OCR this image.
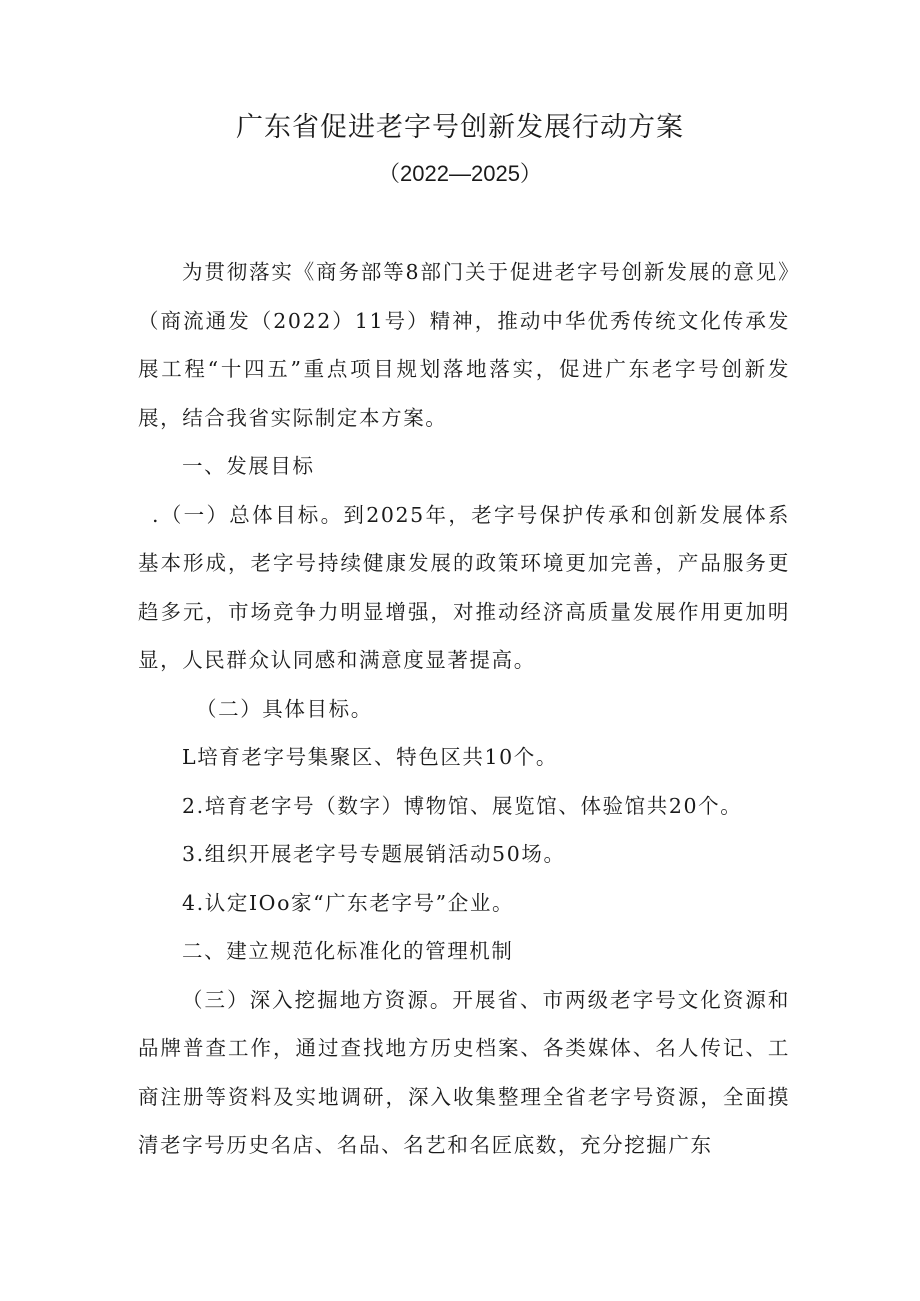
广东省促进老字号创新发展行动方案
（2022—2025）

为贯彻落实《商务部等8部门关于促进老字号创新发展的意见》（商流通发（2022）11号）精神，推动中华优秀传统文化传承发展工程“十四五”重点项目规划落地落实，促进广东老字号创新发展，结合我省实际制定本方案。

一、发展目标

.（一）总体目标。到2025年，老字号保护传承和创新发展体系基本形成，老字号持续健康发展的政策环境更加完善，产品服务更趋多元，市场竞争力明显增强，对推动经济高质量发展作用更加明显，人民群众认同感和满意度显著提高。

（二）具体目标。

L培育老字号集聚区、特色区共10个。

2.培育老字号（数字）博物馆、展览馆、体验馆共20个。

3.组织开展老字号专题展销活动50场。

4.认定IOo家“广东老字号”企业。

二、建立规范化标准化的管理机制

（三）深入挖掘地方资源。开展省、市两级老字号文化资源和品牌普查工作，通过查找地方历史档案、各类媒体、名人传记、工商注册等资料及实地调研，深入收集整理全省老字号资源，全面摸清老字号历史名店、名品、名艺和名匠底数，充分挖掘广东
